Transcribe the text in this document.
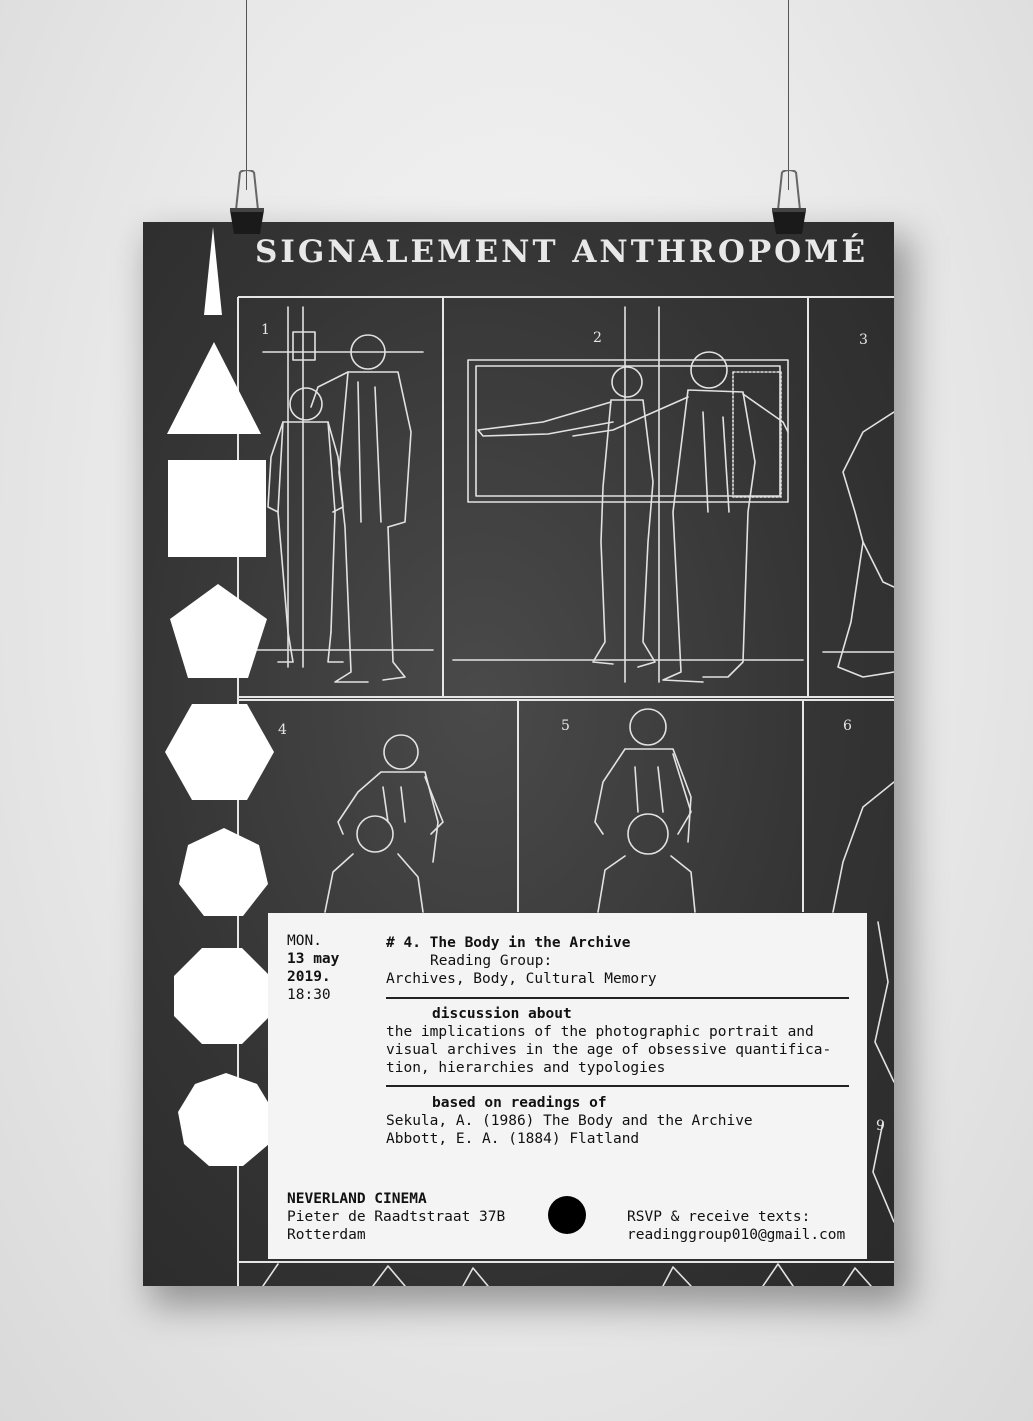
1	2	3
4	5	6
9
SIGNALEMENT ANTHROPOMÉ
MON.
13 may
2019.
18:30
# 4. The Body in the Archive
Reading Group:
Archives, Body, Cultural Memory
discussion about
the implications of the photographic portrait and
visual archives in the age of obsessive quantifica-
tion, hierarchies and typologies
based on readings of
Sekula, A. (1986) The Body and the Archive
Abbott, E. A. (1884) Flatland
NEVERLAND CINEMA
Pieter de Raadtstraat 37B
Rotterdam
RSVP & receive texts:
readinggroup010@gmail.com
